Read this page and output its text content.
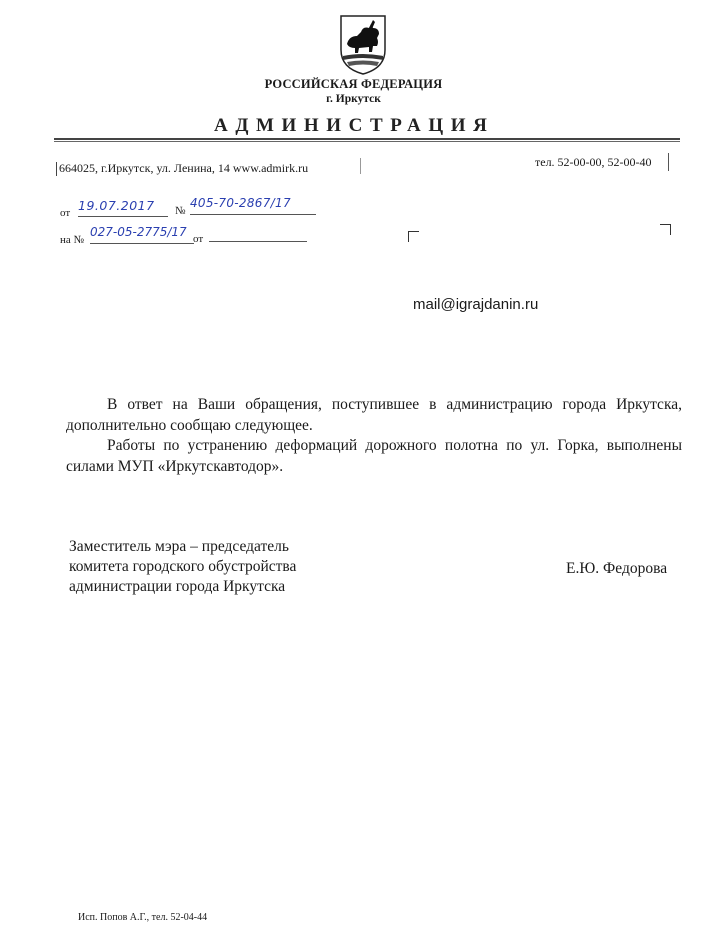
РОССИЙСКАЯ ФЕДЕРАЦИЯ
г. Иркутск
АДМИНИСТРАЦИЯ
664025, г.Иркутск, ул. Ленина, 14 www.admirk.ru	тел. 52-00-00, 52-00-40
от 19.07.2017	№
405-70-2867/17
на №
027-05-2775/17 от
mail@igrajdanin.ru

В ответ на Ваши обращения, поступившее в администрацию города Иркутска, дополнительно сообщаю следующее.

Работы по устранению деформаций дорожного полотна по ул. Горка, выполнены силами МУП «Иркутскавтодор».

Заместитель мэра – председатель
комитета городского обустройства
администрации города Иркутска
Е.Ю. Федорова
Исп. Попов А.Г., тел. 52-04-44
